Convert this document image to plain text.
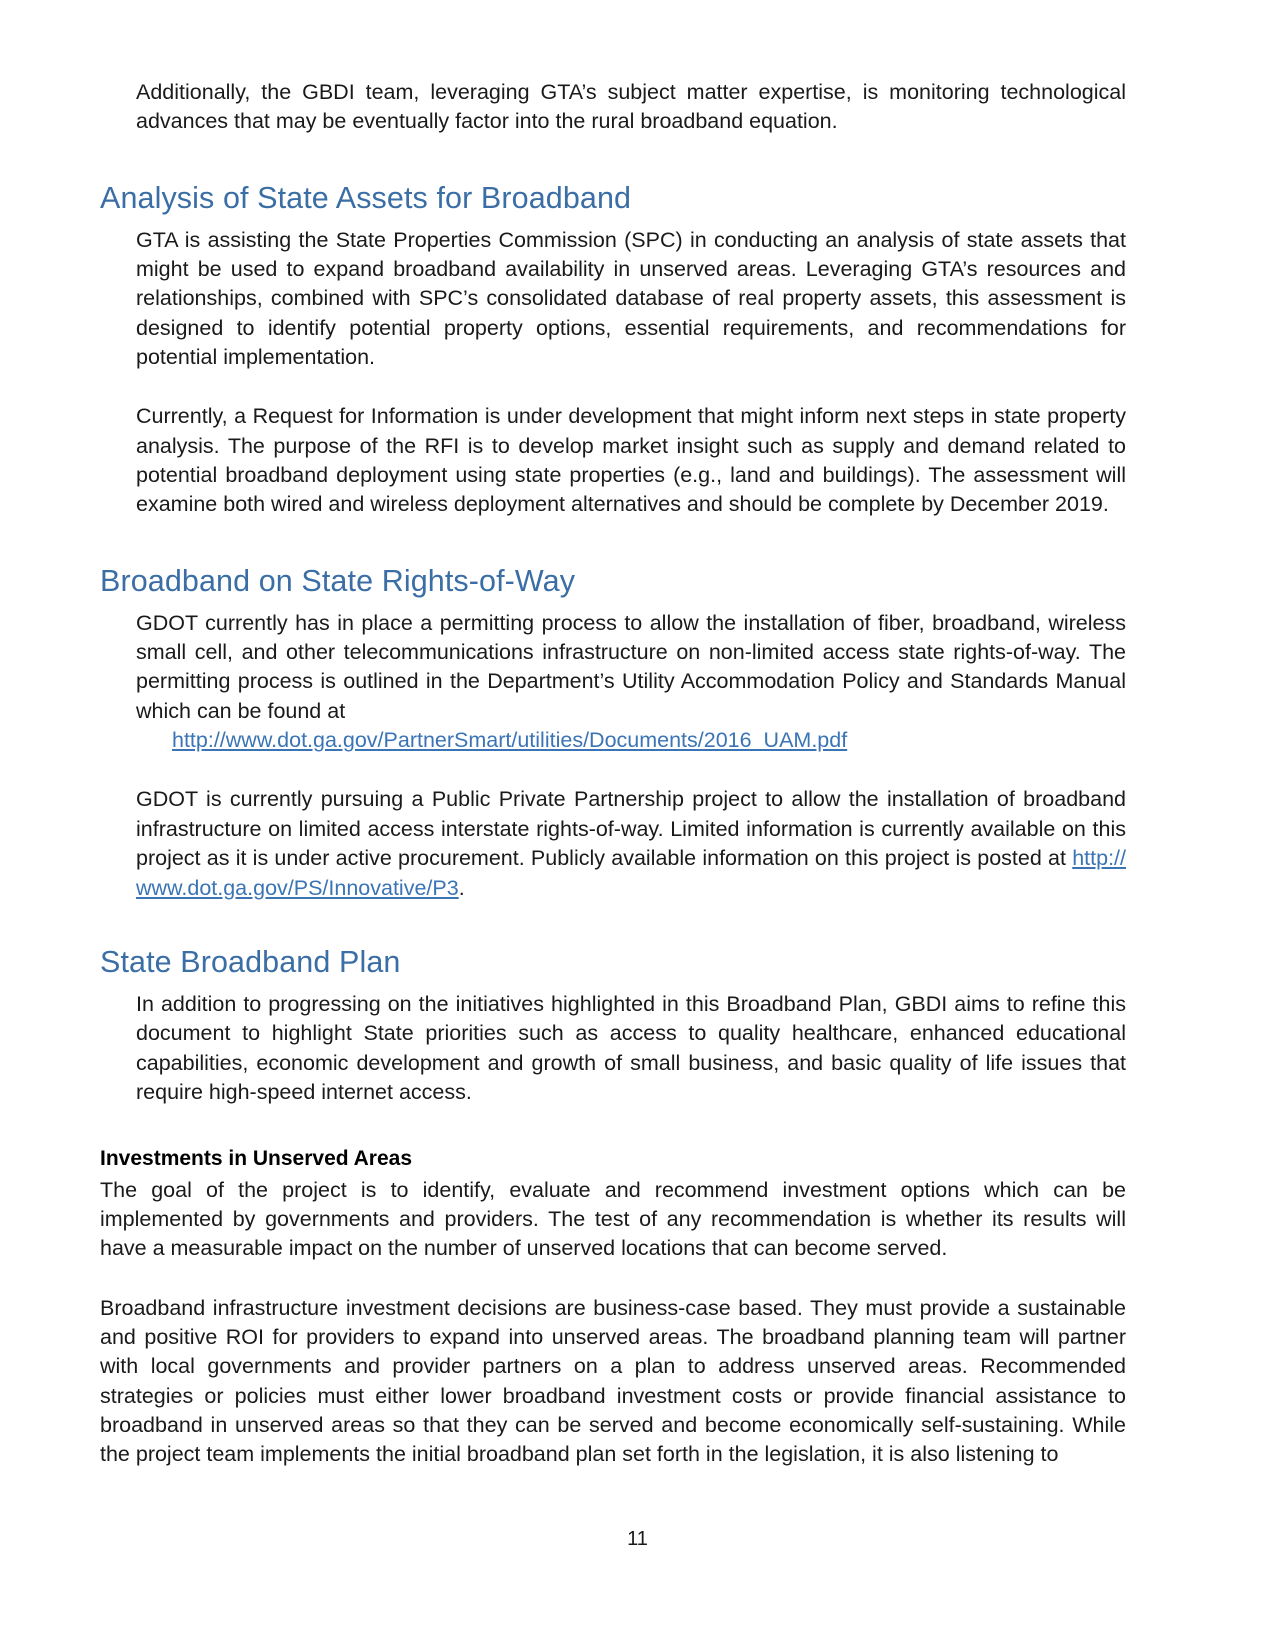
Additionally, the GBDI team, leveraging GTA’s subject matter expertise, is monitoring technological advances that may be eventually factor into the rural broadband equation.

Analysis of State Assets for Broadband

GTA is assisting the State Properties Commission (SPC) in conducting an analysis of state assets that might be used to expand broadband availability in unserved areas. Leveraging GTA’s resources and relationships, combined with SPC’s consolidated database of real property assets, this assessment is designed to identify potential property options, essential requirements, and recommendations for potential implementation.

Currently, a Request for Information is under development that might inform next steps in state property analysis. The purpose of the RFI is to develop market insight such as supply and demand related to potential broadband deployment using state properties (e.g., land and buildings). The assessment will examine both wired and wireless deployment alternatives and should be complete by December 2019.

Broadband on State Rights-of-Way

GDOT currently has in place a permitting process to allow the installation of fiber, broadband, wireless small cell, and other telecommunications infrastructure on non-limited access state rights-of-way. The permitting process is outlined in the Department’s Utility Accommodation Policy and Standards Manual which can be found at

http://www.dot.ga.gov/PartnerSmart/utilities/Documents/2016_UAM.pdf

GDOT is currently pursuing a Public Private Partnership project to allow the installation of broadband infrastructure on limited access interstate rights-of-way. Limited information is currently available on this project as it is under active procurement. Publicly available information on this project is posted at http://www.dot.ga.gov/PS/Innovative/P3.

State Broadband Plan

In addition to progressing on the initiatives highlighted in this Broadband Plan, GBDI aims to refine this document to highlight State priorities such as access to quality healthcare, enhanced educational capabilities, economic development and growth of small business, and basic quality of life issues that require high-speed internet access.

Investments in Unserved Areas

The goal of the project is to identify, evaluate and recommend investment options which can be implemented by governments and providers. The test of any recommendation is whether its results will have a measurable impact on the number of unserved locations that can become served.

Broadband infrastructure investment decisions are business-case based. They must provide a sustainable and positive ROI for providers to expand into unserved areas. The broadband planning team will partner with local governments and provider partners on a plan to address unserved areas. Recommended strategies or policies must either lower broadband investment costs or provide financial assistance to broadband in unserved areas so that they can be served and become economically self-sustaining. While the project team implements the initial broadband plan set forth in the legislation, it is also listening to

11
